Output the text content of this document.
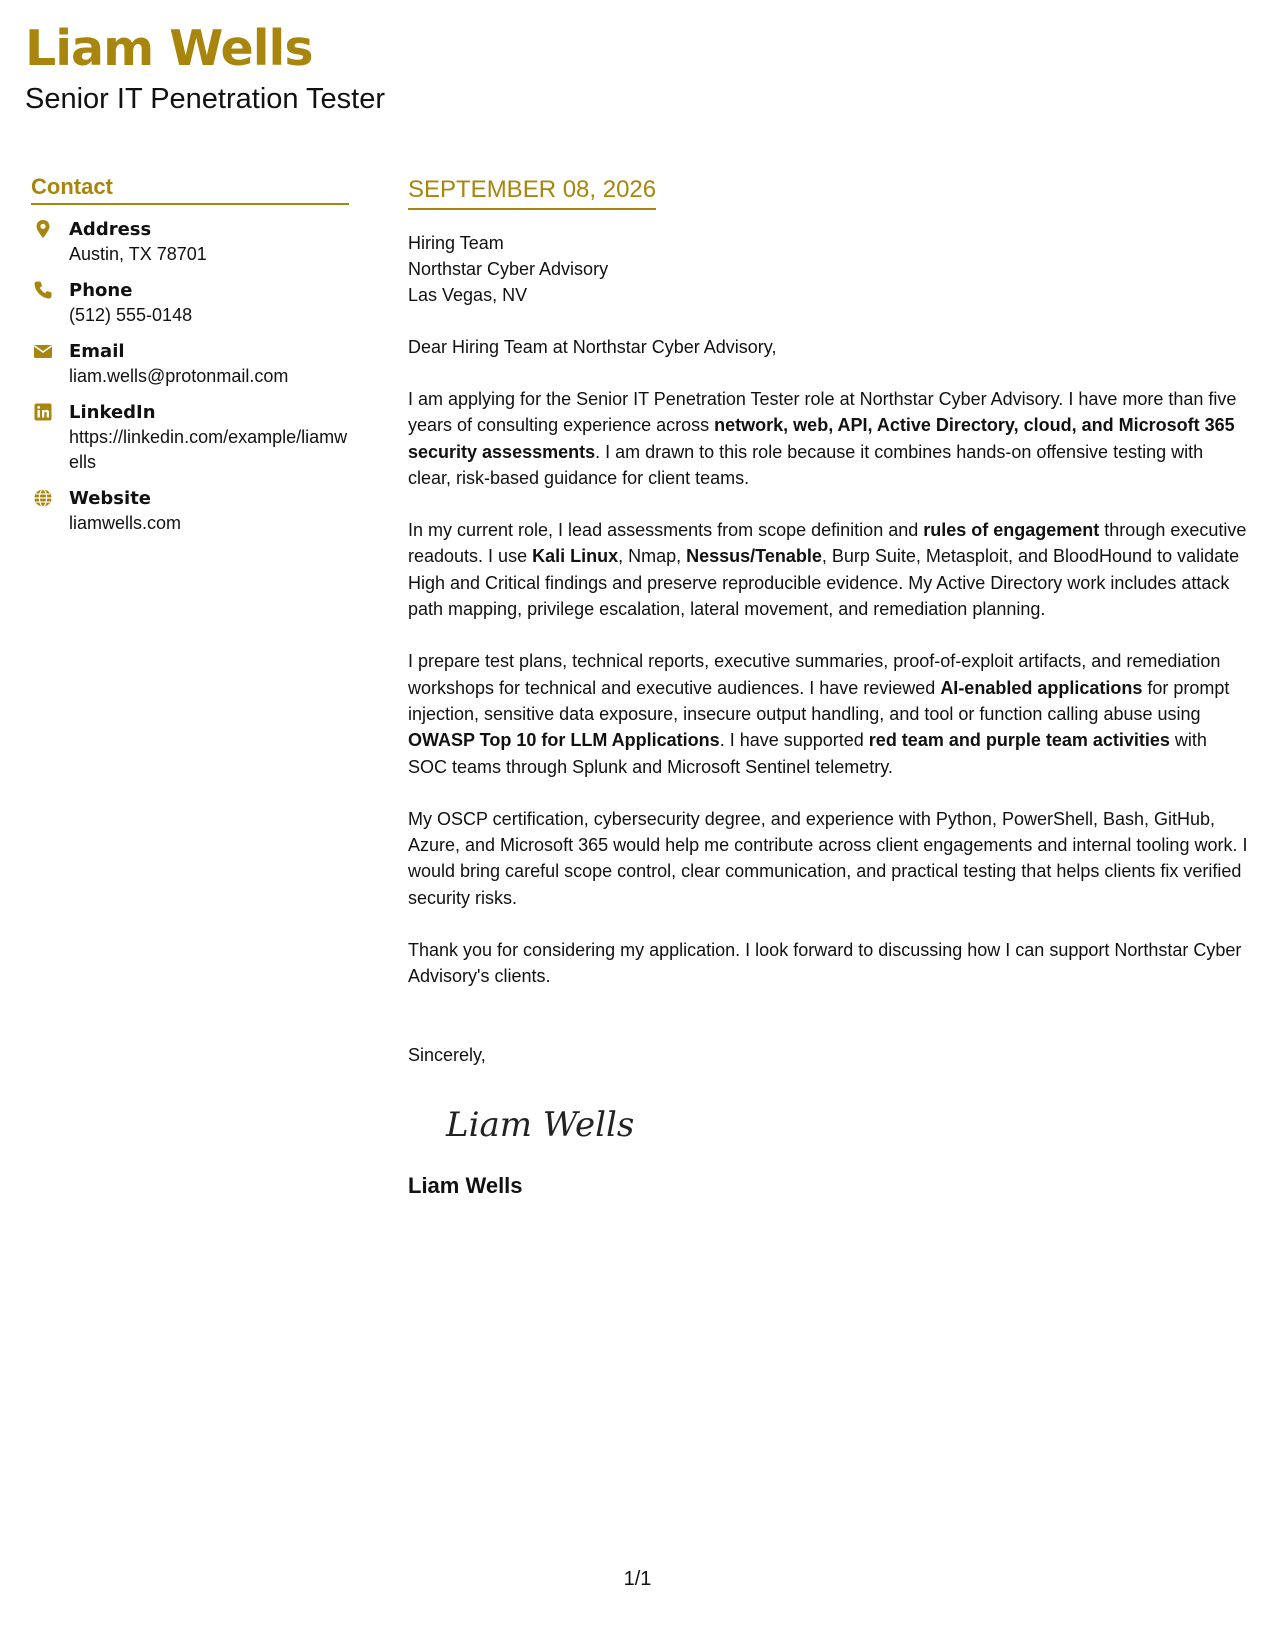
Liam Wells
Senior IT Penetration Tester
Contact
Address
Austin, TX 78701
Phone
(512) 555-0148
Email
liam.wells@protonmail.com
LinkedIn
https://linkedin.com/example/liamwells
Website
liamwells.com
SEPTEMBER 08, 2026
Hiring Team
Northstar Cyber Advisory
Las Vegas, NV
Dear Hiring Team at Northstar Cyber Advisory,

I am applying for the Senior IT Penetration Tester role at Northstar Cyber Advisory. I have more than five years of consulting experience across network, web, API, Active Directory, cloud, and Microsoft 365 security assessments. I am drawn to this role because it combines hands-on offensive testing with clear, risk-based guidance for client teams.

In my current role, I lead assessments from scope definition and rules of engagement through executive readouts. I use Kali Linux, Nmap, Nessus/Tenable, Burp Suite, Metasploit, and BloodHound to validate High and Critical findings and preserve reproducible evidence. My Active Directory work includes attack path mapping, privilege escalation, lateral movement, and remediation planning.

I prepare test plans, technical reports, executive summaries, proof-of-exploit artifacts, and remediation workshops for technical and executive audiences. I have reviewed AI-enabled applications for prompt injection, sensitive data exposure, insecure output handling, and tool or function calling abuse using OWASP Top 10 for LLM Applications. I have supported red team and purple team activities with SOC teams through Splunk and Microsoft Sentinel telemetry.

My OSCP certification, cybersecurity degree, and experience with Python, PowerShell, Bash, GitHub, Azure, and Microsoft 365 would help me contribute across client engagements and internal tooling work. I would bring careful scope control, clear communication, and practical testing that helps clients fix verified security risks.

Thank you for considering my application. I look forward to discussing how I can support Northstar Cyber Advisory's clients.

Sincerely,
Liam Wells
Liam Wells
1/1
